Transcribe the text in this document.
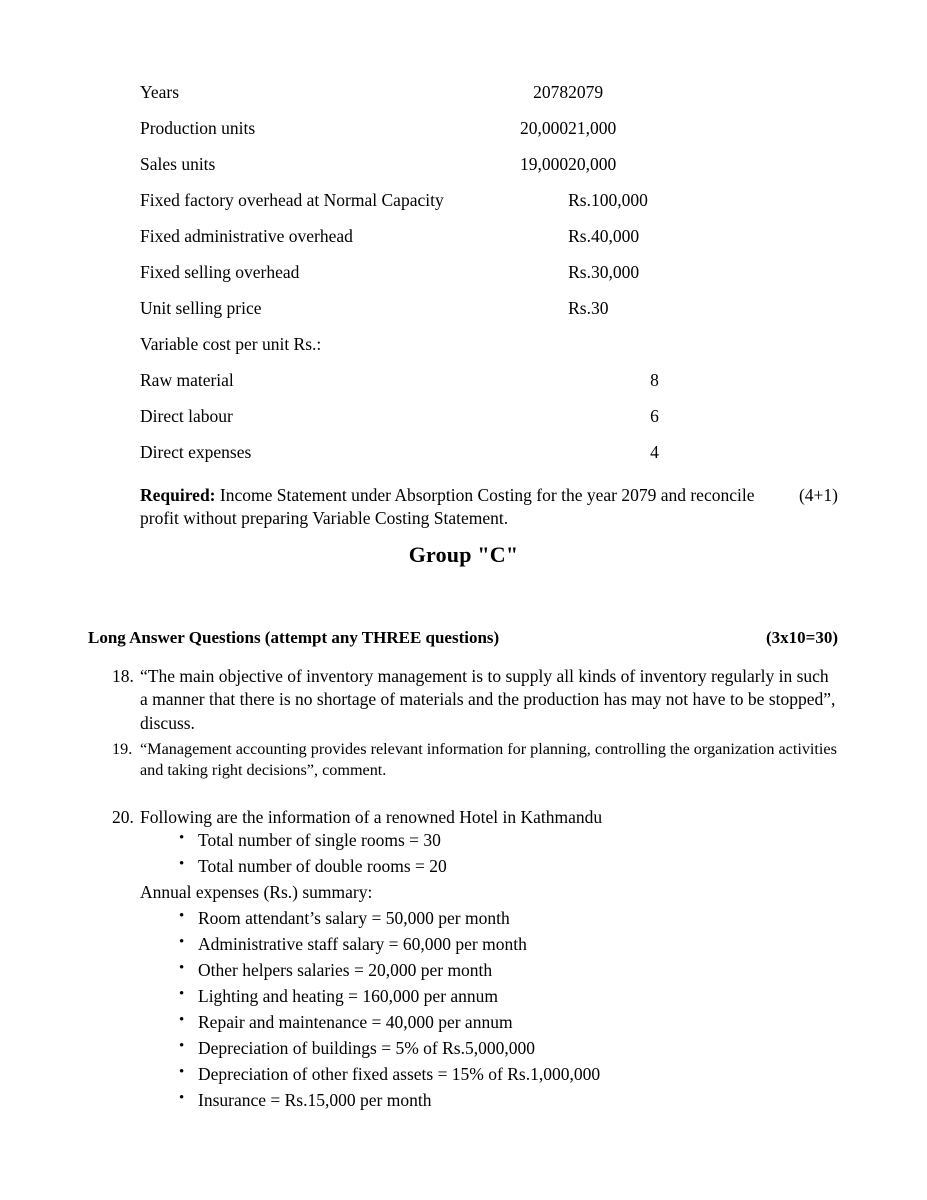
Years	2078	2079
Production units	20,000	21,000
Sales units	19,000	20,000
Fixed factory overhead at Normal Capacity		Rs.100,000
Fixed administrative overhead		Rs.40,000
Fixed selling overhead		Rs.30,000
Unit selling price		Rs.30
Variable cost per unit Rs.:		
Raw material		8
Direct labour		6
Direct expenses		4
(4+1)
Required: Income Statement under Absorption Costing for the year 2079 and reconcile profit without preparing Variable Costing Statement.
Group "C"
Long Answer Questions (attempt any THREE questions)	(3x10=30)
18. “The main objective of inventory management is to supply all kinds of inventory regularly in such a manner that there is no shortage of materials and the production has may not have to be stopped”, discuss.
19. “Management accounting provides relevant information for planning, controlling the organization activities and taking right decisions”, comment.
20. Following are the information of a renowned Hotel in Kathmandu
• Total number of single rooms = 30
• Total number of double rooms = 20
Annual expenses (Rs.) summary:
• Room attendant’s salary = 50,000 per month
• Administrative staff salary = 60,000 per month
• Other helpers salaries = 20,000 per month
• Lighting and heating = 160,000 per annum
• Repair and maintenance = 40,000 per annum
• Depreciation of buildings = 5% of Rs.5,000,000
• Depreciation of other fixed assets = 15% of Rs.1,000,000
• Insurance = Rs.15,000 per month
